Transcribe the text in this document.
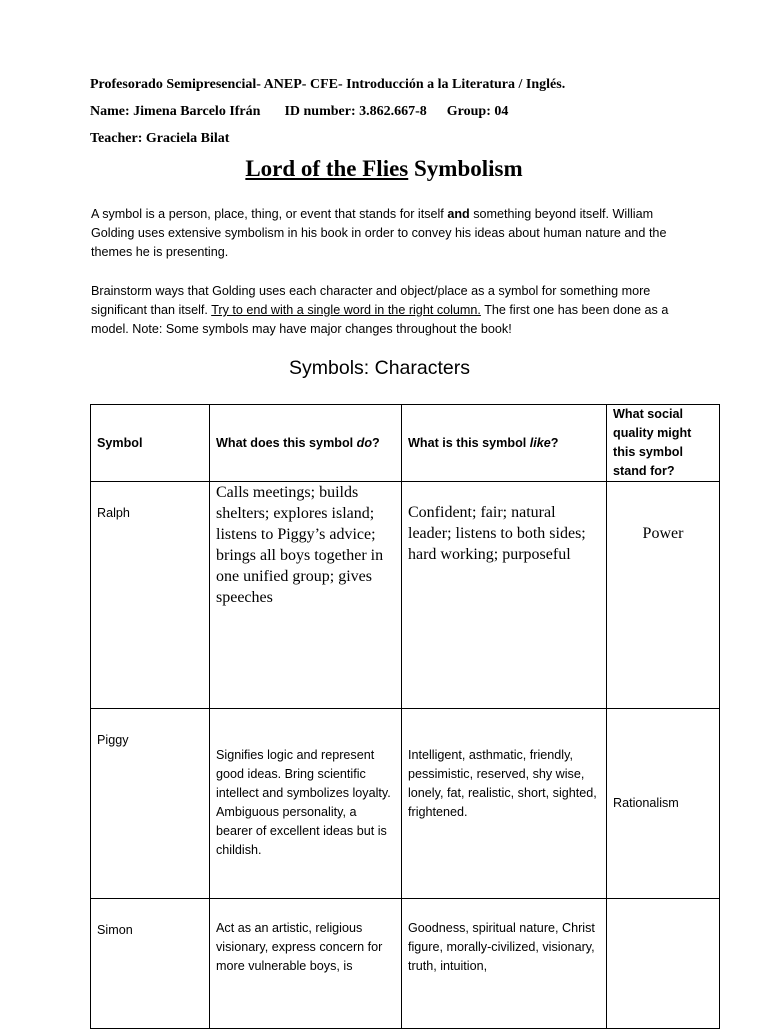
Profesorado Semipresencial- ANEP- CFE- Introducción a la Literatura / Inglés.
Name: Jimena Barcelo Ifrán ID number: 3.862.667-8 Group: 04
Teacher: Graciela Bilat
Lord of the Flies Symbolism
A symbol is a person, place, thing, or event that stands for itself and something beyond itself. William Golding uses extensive symbolism in his book in order to convey his ideas about human nature and the themes he is presenting.
Brainstorm ways that Golding uses each character and object/place as a symbol for something more significant than itself. Try to end with a single word in the right column. The first one has been done as a model. Note: Some symbols may have major changes throughout the book!
Symbols: Characters
Symbol	What does this symbol do?	What is this symbol like?	What social quality might this symbol stand for?
Ralph	Calls meetings; builds shelters; explores island; listens to Piggy’s advice; brings all boys together in one unified group; gives speeches	Confident; fair; natural leader; listens to both sides; hard working; purposeful	Power
Piggy	Signifies logic and represent good ideas. Bring scientific intellect and symbolizes loyalty. Ambiguous personality, a bearer of excellent ideas but is childish.	Intelligent, asthmatic, friendly, pessimistic, reserved, shy wise, lonely, fat, realistic, short, sighted, frightened.	Rationalism
Simon	Act as an artistic, religious visionary, express concern for more vulnerable boys, is	Goodness, spiritual nature, Christ figure, morally-civilized, visionary, truth, intuition,	
